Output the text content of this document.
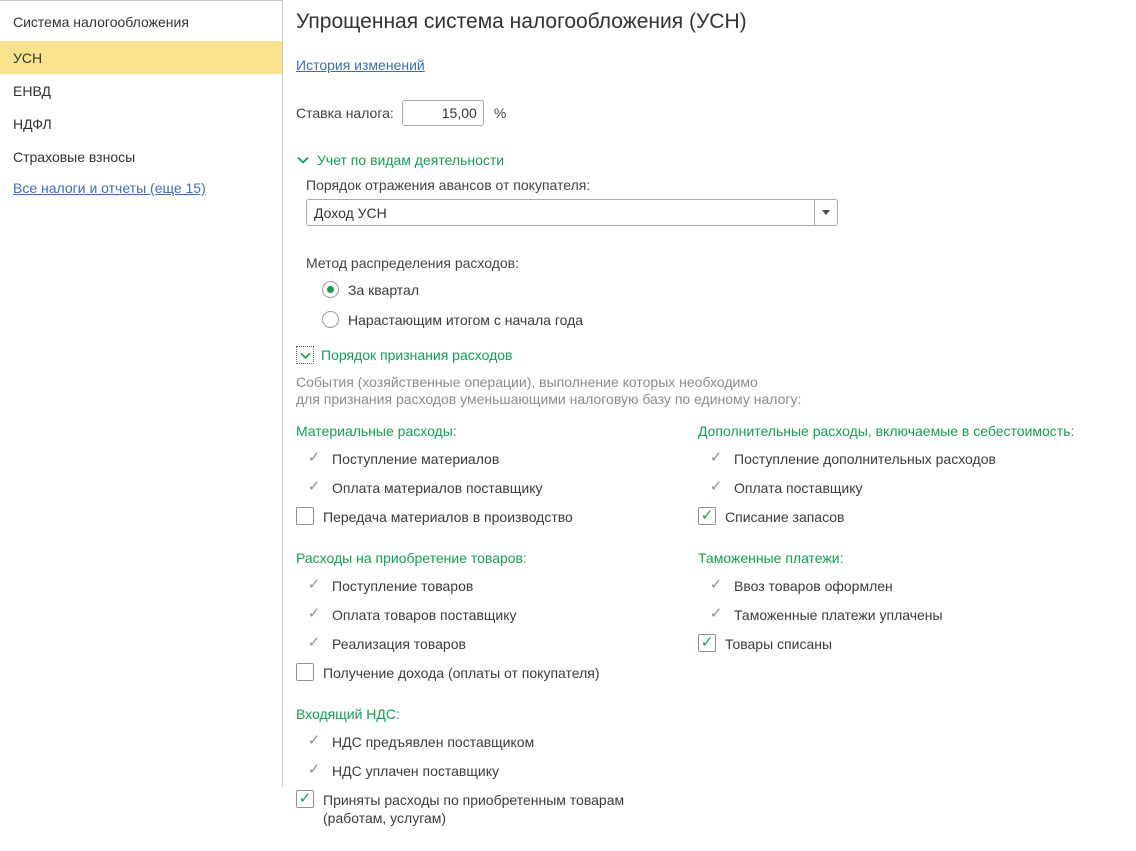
Система налогообложения
УСН
ЕНВД
НДФЛ
Страховые взносы
Все налоги и отчеты (еще 15)
Упрощенная система налогообложения (УСН)
История изменений
Ставка налога:
15,00	%
Учет по видам деятельности
Порядок отражения авансов от покупателя:
Доход УСН
Метод распределения расходов:
За квартал
Нарастающим итогом с начала года
Порядок признания расходов
События (хозяйственные операции), выполнение которых необходимо
для признания расходов уменьшающими налоговую базу по единому налогу:
Материальные расходы:
✓ Поступление материалов
✓ Оплата материалов поставщику
Передача материалов в производство
Дополнительные расходы, включаемые в себестоимость:
✓ Поступление дополнительных расходов
✓ Оплата поставщику
✓ Списание запасов
Расходы на приобретение товаров:
✓ Поступление товаров
✓ Оплата товаров поставщику
✓ Реализация товаров
Получение дохода (оплаты от покупателя)
Таможенные платежи:
✓ Ввоз товаров оформлен
✓ Таможенные платежи уплачены
✓ Товары списаны
Входящий НДС:
✓ НДС предъявлен поставщиком
✓ НДС уплачен поставщику
✓ Приняты расходы по приобретенным товарам (работам, услугам)
